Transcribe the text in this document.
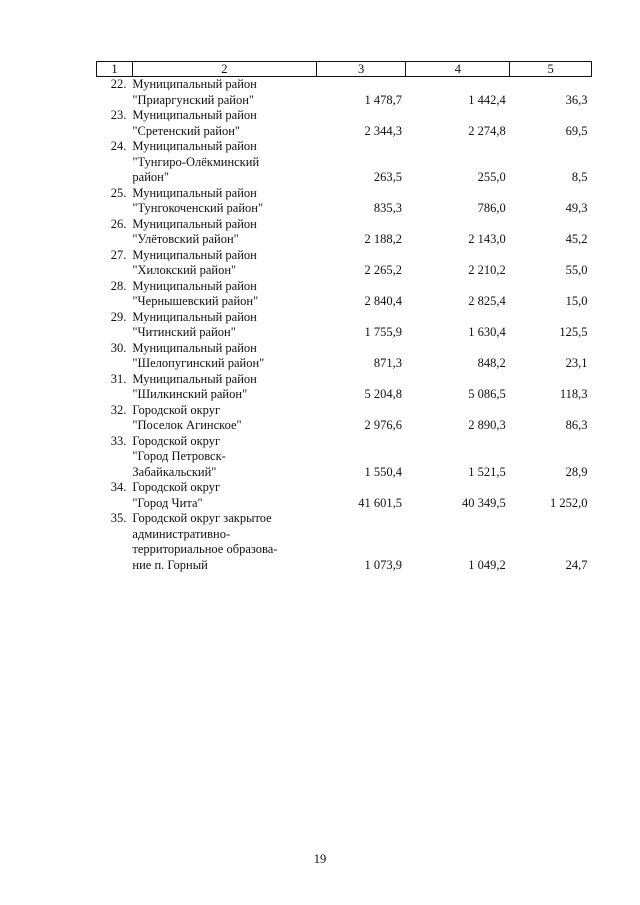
1	2	3	4	5
22.	Муниципальный район
"Приаргунский район"	1 478,7	1 442,4	36,3
23.	Муниципальный район
"Сретенский район"	2 344,3	2 274,8	69,5
24.	Муниципальный район
"Тунгиро-Олёкминский
район"	263,5	255,0	8,5
25.	Муниципальный район
"Тунгокоченский район"	835,3	786,0	49,3
26.	Муниципальный район
"Улётовский район"	2 188,2	2 143,0	45,2
27.	Муниципальный район
"Хилокский район"	2 265,2	2 210,2	55,0
28.	Муниципальный район
"Чернышевский район"	2 840,4	2 825,4	15,0
29.	Муниципальный район
"Читинский район"	1 755,9	1 630,4	125,5
30.	Муниципальный район
"Шелопугинский район"	871,3	848,2	23,1
31.	Муниципальный район
"Шилкинский район"	5 204,8	5 086,5	118,3
32.	Городской округ
"Поселок Агинское"	2 976,6	2 890,3	86,3
33.	Городской округ
"Город Петровск-
Забайкальский"	1 550,4	1 521,5	28,9
34.	Городской округ
"Город Чита"	41 601,5	40 349,5	1 252,0
35.	Городской округ закрытое
административно-
территориальное образова-
ние п. Горный	1 073,9	1 049,2	24,7
19
